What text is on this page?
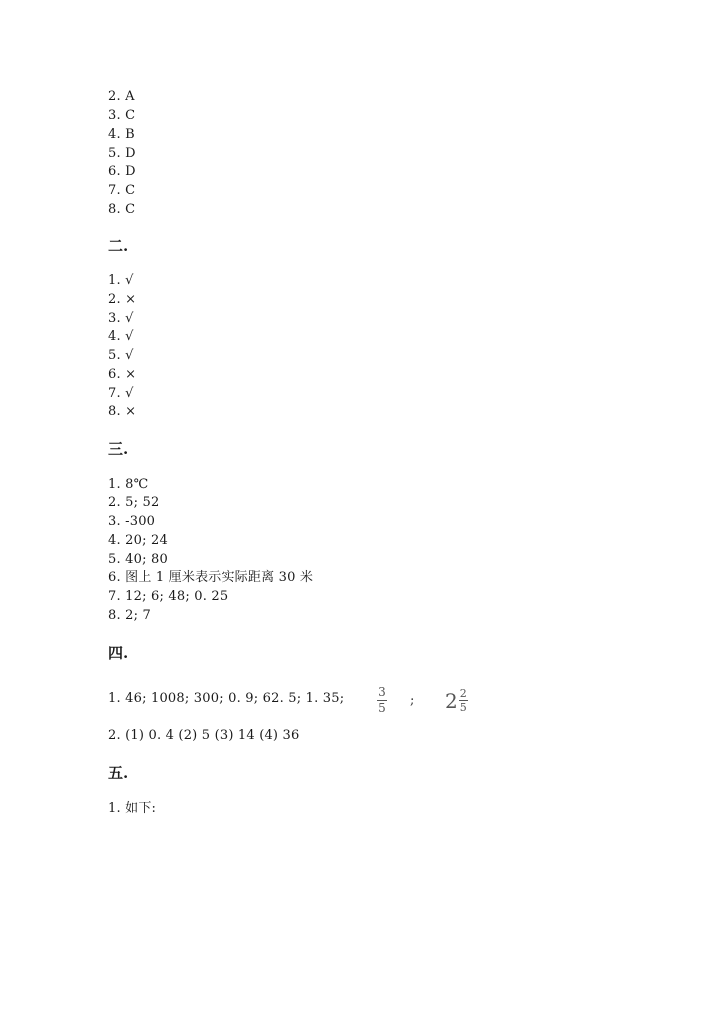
2. A
3. C
4. B
5. D
6. D
7. C
8. C
二.
1. √
2. ×
3. √
4. √
5. √
6. ×
7. √
8. ×
三.
1. 8℃
2. 5; 52
3. -300
4. 20; 24
5. 40; 80
6. 图上 1 厘米表示实际距离 30 米
7. 12; 6; 48; 0. 25
8. 2; 7
四.
1. 46; 1008; 300; 0. 9; 62. 5; 1. 35;	3
5 ; $2 \frac{2}{5}$
2. (1) 0. 4 (2) 5 (3) 14 (4) 36
五.
1. 如下:
